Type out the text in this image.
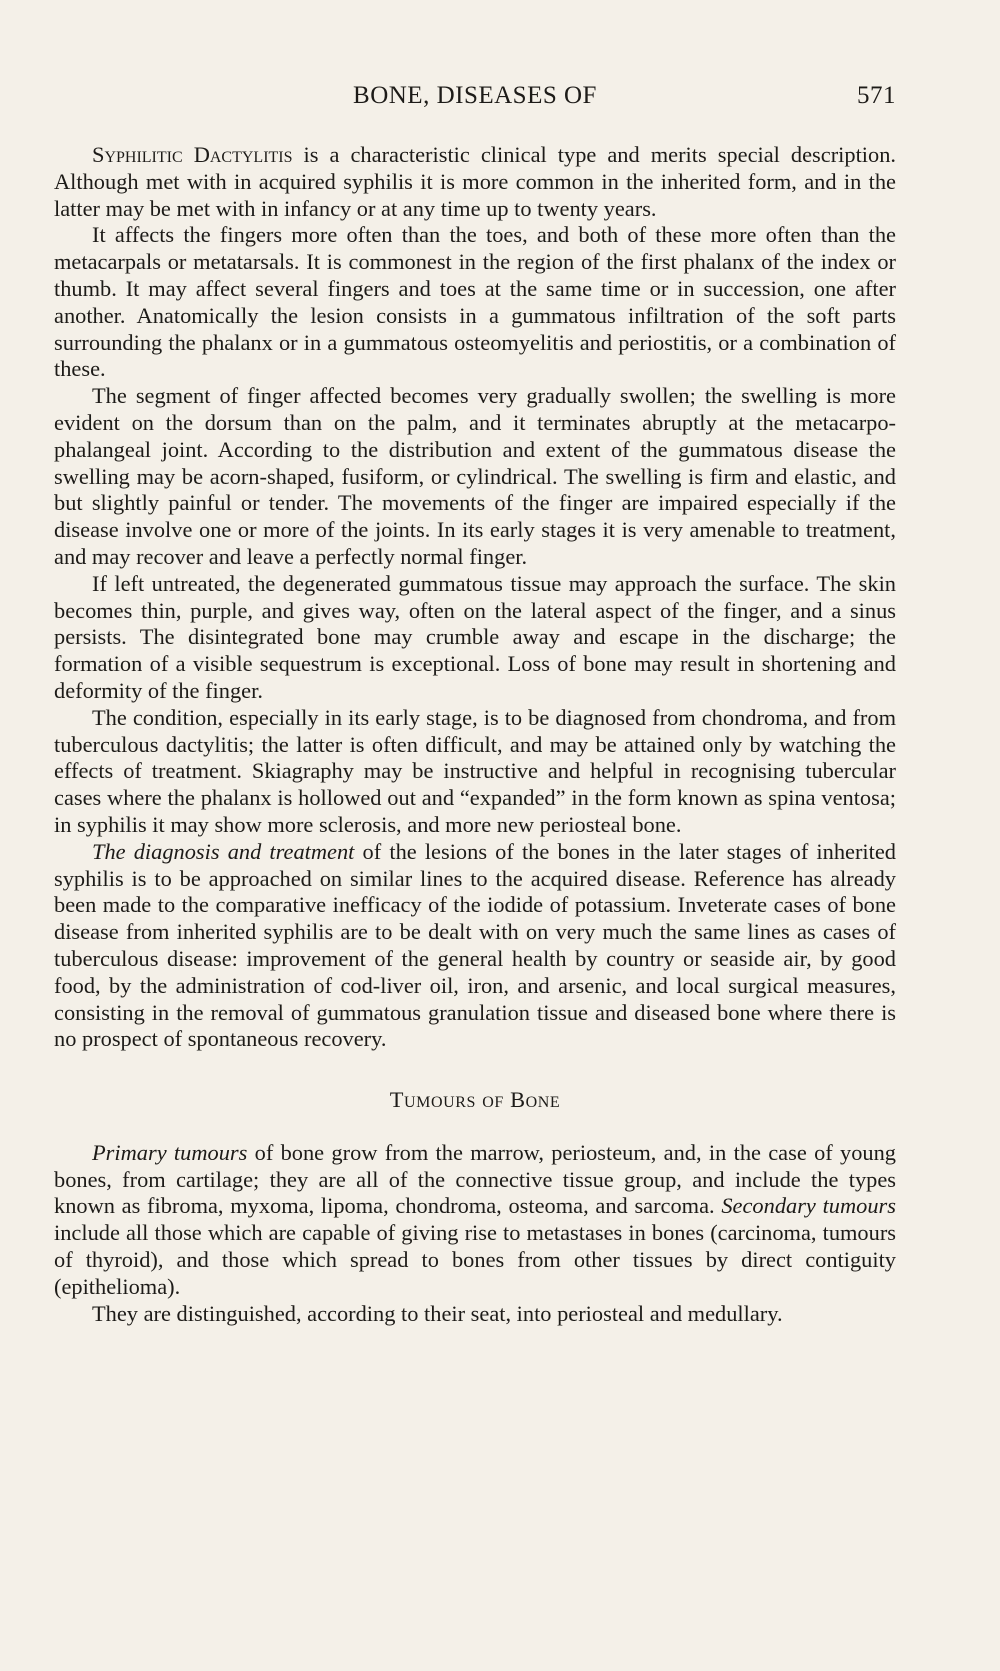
BONE, DISEASES OF	571

Syphilitic Dactylitis is a characteristic clinical type and merits special description. Although met with in acquired syphilis it is more common in the inherited form, and in the latter may be met with in infancy or at any time up to twenty years.

It affects the fingers more often than the toes, and both of these more often than the metacarpals or metatarsals. It is commonest in the region of the first phalanx of the index or thumb. It may affect several fingers and toes at the same time or in succession, one after another. Anatomically the lesion consists in a gummatous infiltration of the soft parts surrounding the phalanx or in a gummatous osteomyelitis and periostitis, or a combination of these.

The segment of finger affected becomes very gradually swollen; the swelling is more evident on the dorsum than on the palm, and it terminates abruptly at the metacarpo-phalangeal joint. According to the distribution and extent of the gummatous disease the swelling may be acorn-shaped, fusiform, or cylindrical. The swelling is firm and elastic, and but slightly painful or tender. The movements of the finger are impaired especially if the disease involve one or more of the joints. In its early stages it is very amenable to treatment, and may recover and leave a perfectly normal finger.

If left untreated, the degenerated gummatous tissue may approach the surface. The skin becomes thin, purple, and gives way, often on the lateral aspect of the finger, and a sinus persists. The disintegrated bone may crumble away and escape in the discharge; the formation of a visible sequestrum is exceptional. Loss of bone may result in shortening and deformity of the finger.

The condition, especially in its early stage, is to be diagnosed from chondroma, and from tuberculous dactylitis; the latter is often difficult, and may be attained only by watching the effects of treatment. Skiagraphy may be instructive and helpful in recognising tubercular cases where the phalanx is hollowed out and “expanded” in the form known as spina ventosa; in syphilis it may show more sclerosis, and more new periosteal bone.

The diagnosis and treatment of the lesions of the bones in the later stages of inherited syphilis is to be approached on similar lines to the acquired disease. Reference has already been made to the comparative inefficacy of the iodide of potassium. Inveterate cases of bone disease from inherited syphilis are to be dealt with on very much the same lines as cases of tuberculous disease: improvement of the general health by country or seaside air, by good food, by the administration of cod-liver oil, iron, and arsenic, and local surgical measures, consisting in the removal of gummatous granulation tissue and diseased bone where there is no prospect of spontaneous recovery.

Tumours of Bone

Primary tumours of bone grow from the marrow, periosteum, and, in the case of young bones, from cartilage; they are all of the connective tissue group, and include the types known as fibroma, myxoma, lipoma, chondroma, osteoma, and sarcoma. Secondary tumours include all those which are capable of giving rise to metastases in bones (carcinoma, tumours of thyroid), and those which spread to bones from other tissues by direct contiguity (epithelioma).

They are distinguished, according to their seat, into periosteal and medullary.
